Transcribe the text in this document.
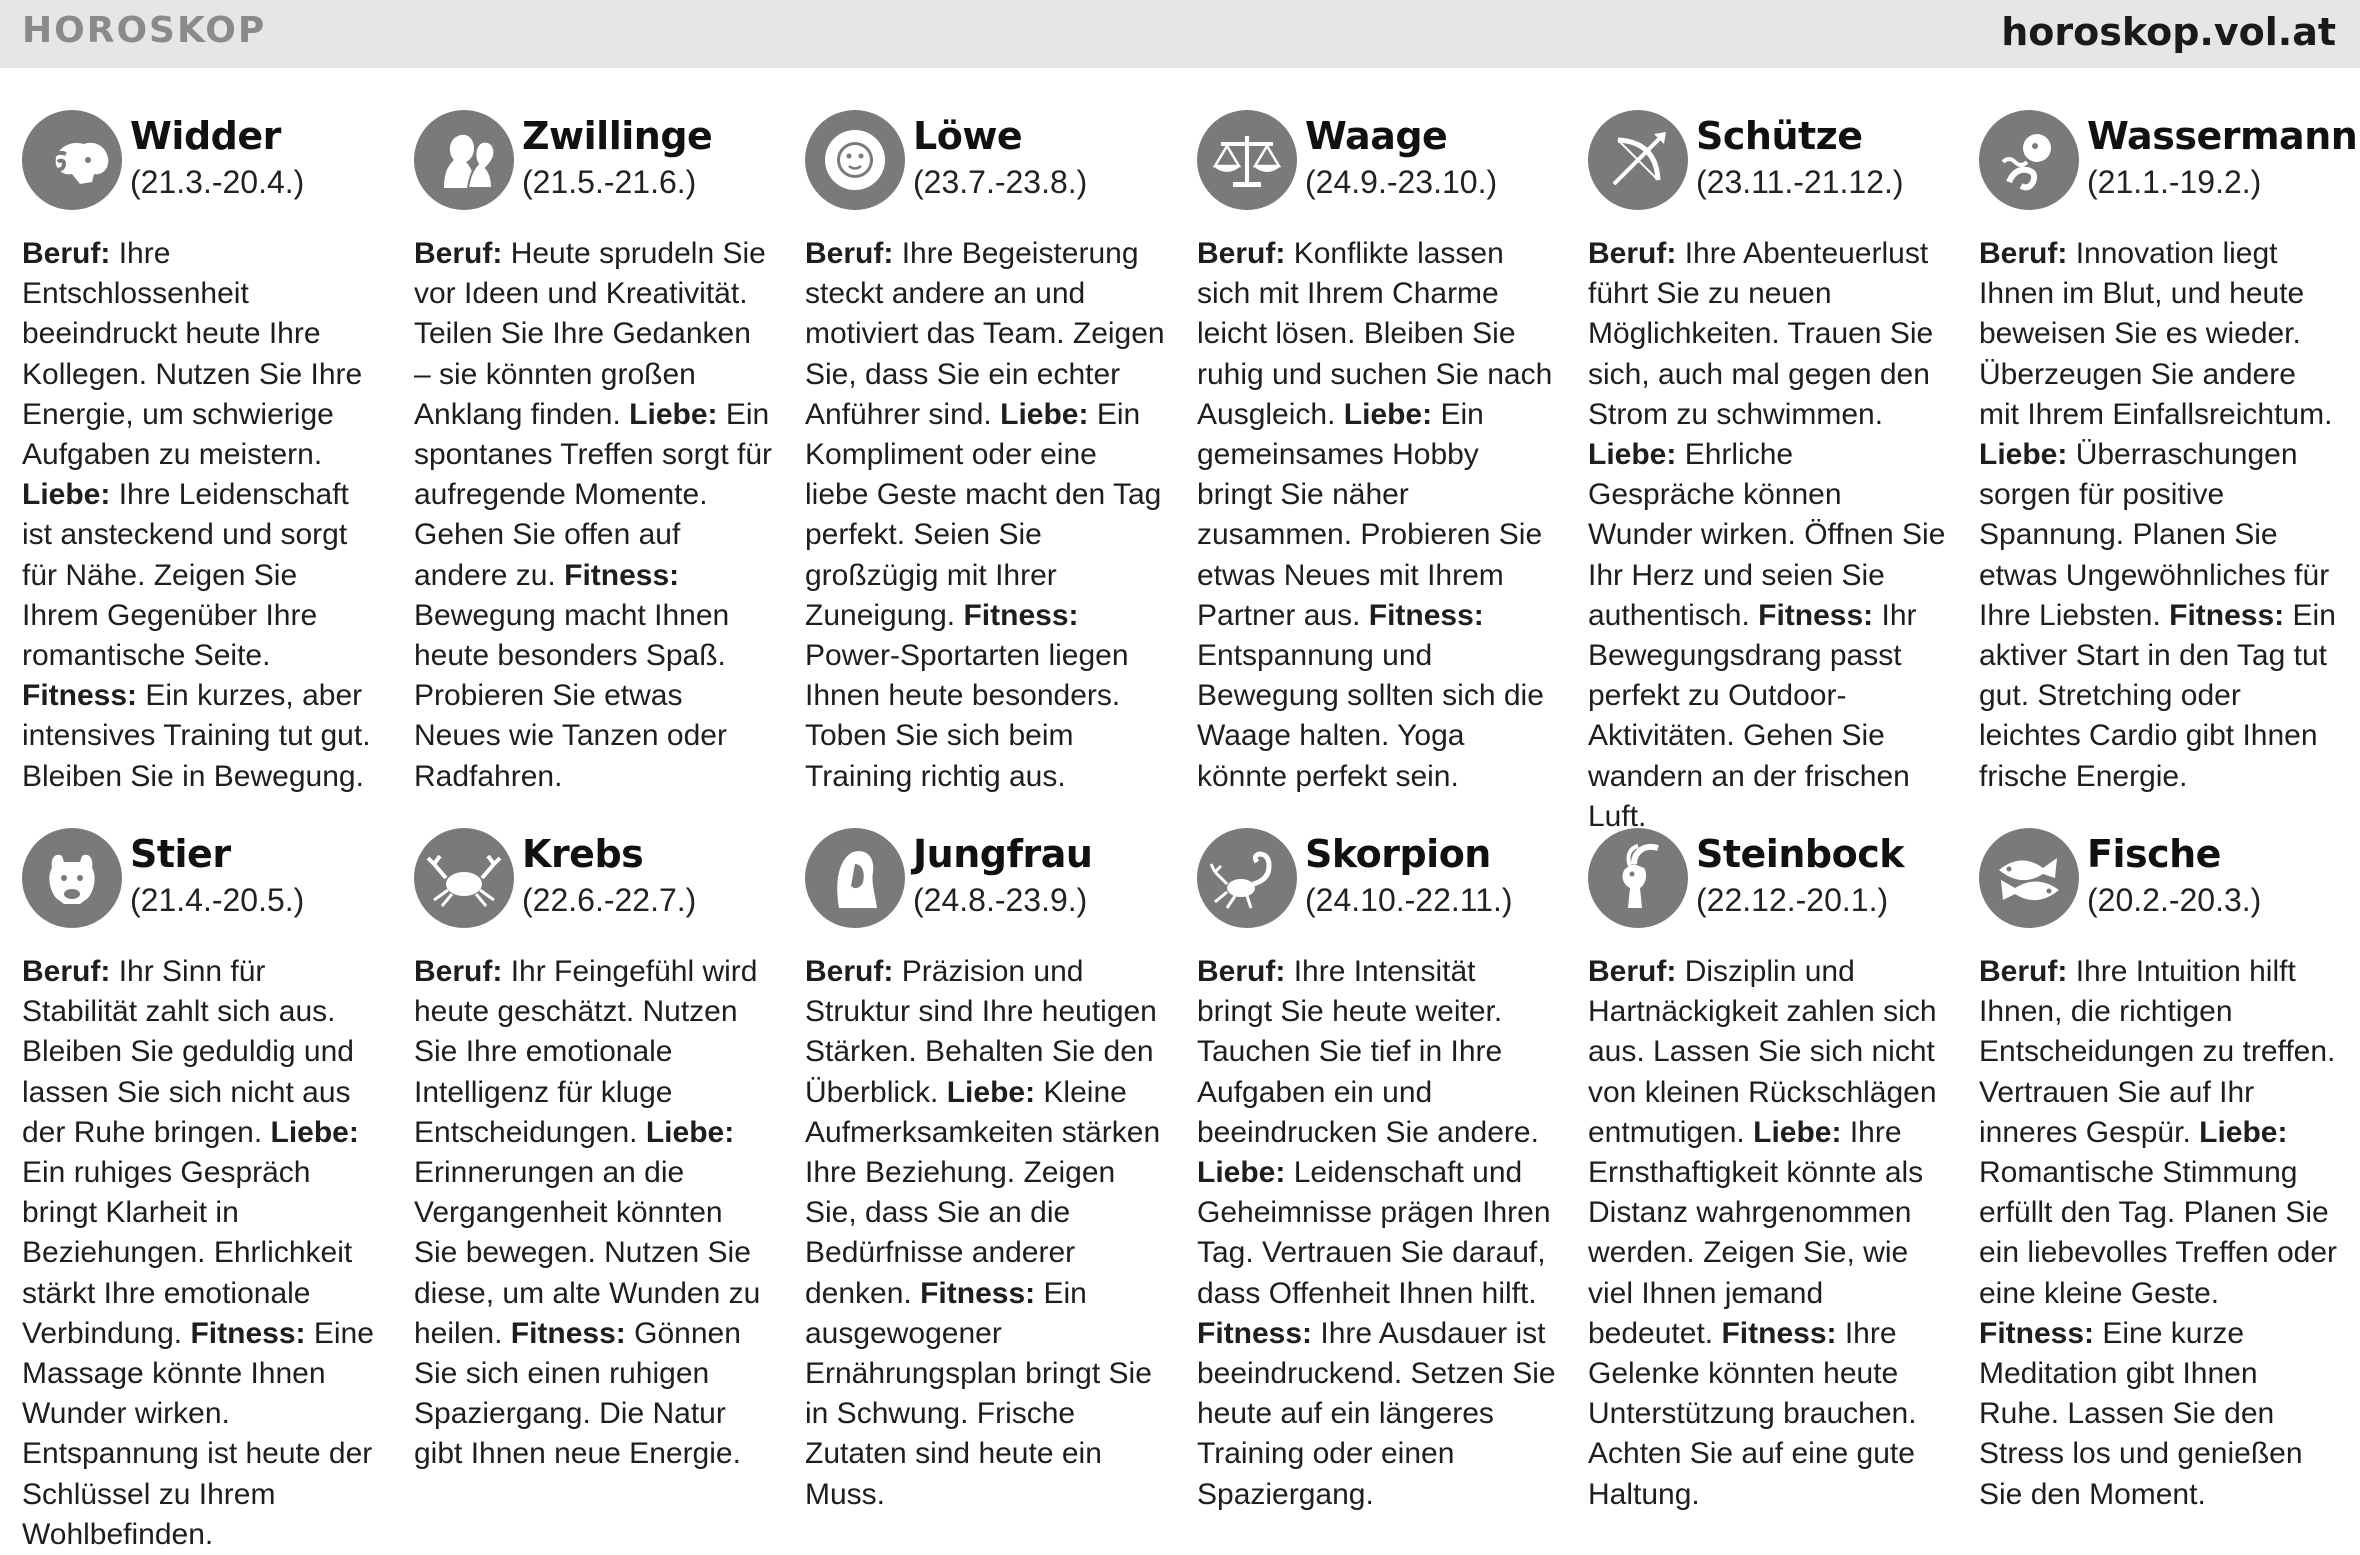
HOROSKOP	horoskop.vol.at
Widder
(21.3.-20.4.)

Beruf: Ihre Entschlossenheit beeindruckt heute Ihre Kollegen. Nutzen Sie Ihre Energie, um schwierige Aufgaben zu meistern. Liebe: Ihre Leidenschaft ist ansteckend und sorgt für Nähe. Zeigen Sie Ihrem Gegenüber Ihre romantische Seite. Fitness: Ein kurzes, aber intensives Training tut gut. Bleiben Sie in Bewegung.

Zwillinge
(21.5.-21.6.)

Beruf: Heute sprudeln Sie vor Ideen und Kreativität. Teilen Sie Ihre Gedanken – sie könnten großen Anklang finden. Liebe: Ein spontanes Treffen sorgt für aufregende Momente. Gehen Sie offen auf andere zu. Fitness: Bewegung macht Ihnen heute besonders Spaß. Probieren Sie etwas Neues wie Tanzen oder Radfahren.

Löwe
(23.7.-23.8.)

Beruf: Ihre Begeisterung steckt andere an und motiviert das Team. Zeigen Sie, dass Sie ein echter Anführer sind. Liebe: Ein Kompliment oder eine liebe Geste macht den Tag perfekt. Seien Sie großzügig mit Ihrer Zuneigung. Fitness: Power-Sportarten liegen Ihnen heute besonders. Toben Sie sich beim Training richtig aus.

Waage
(24.9.-23.10.)

Beruf: Konflikte lassen sich mit Ihrem Charme leicht lösen. Bleiben Sie ruhig und suchen Sie nach Ausgleich. Liebe: Ein gemeinsames Hobby bringt Sie näher zusammen. Probieren Sie etwas Neues mit Ihrem Partner aus. Fitness: Entspannung und Bewegung sollten sich die Waage halten. Yoga könnte perfekt sein.

Schütze
(23.11.-21.12.)

Beruf: Ihre Abenteuerlust führt Sie zu neuen Möglichkeiten. Trauen Sie sich, auch mal gegen den Strom zu schwimmen. Liebe: Ehrliche Gespräche können Wunder wirken. Öffnen Sie Ihr Herz und seien Sie authentisch. Fitness: Ihr Bewegungsdrang passt perfekt zu Outdoor-Aktivitäten. Gehen Sie wandern an der frischen Luft.

Wassermann
(21.1.-19.2.)

Beruf: Innovation liegt Ihnen im Blut, und heute beweisen Sie es wieder. Überzeugen Sie andere mit Ihrem Einfallsreichtum. Liebe: Überraschungen sorgen für positive Spannung. Planen Sie etwas Ungewöhnliches für Ihre Liebsten. Fitness: Ein aktiver Start in den Tag tut gut. Stretching oder leichtes Cardio gibt Ihnen frische Energie.

Stier
(21.4.-20.5.)

Beruf: Ihr Sinn für Stabilität zahlt sich aus. Bleiben Sie geduldig und lassen Sie sich nicht aus der Ruhe bringen. Liebe: Ein ruhiges Gespräch bringt Klarheit in Beziehungen. Ehrlichkeit stärkt Ihre emotionale Verbindung. Fitness: Eine Massage könnte Ihnen Wunder wirken. Entspannung ist heute der Schlüssel zu Ihrem Wohlbefinden.

Krebs
(22.6.-22.7.)

Beruf: Ihr Feingefühl wird heute geschätzt. Nutzen Sie Ihre emotionale Intelligenz für kluge Entscheidungen. Liebe: Erinnerungen an die Vergangenheit könnten Sie bewegen. Nutzen Sie diese, um alte Wunden zu heilen. Fitness: Gönnen Sie sich einen ruhigen Spaziergang. Die Natur gibt Ihnen neue Energie.

Jungfrau
(24.8.-23.9.)

Beruf: Präzision und Struktur sind Ihre heutigen Stärken. Behalten Sie den Überblick. Liebe: Kleine Aufmerksamkeiten stärken Ihre Beziehung. Zeigen Sie, dass Sie an die Bedürfnisse anderer denken. Fitness: Ein ausgewogener Ernährungsplan bringt Sie in Schwung. Frische Zutaten sind heute ein Muss.

Skorpion
(24.10.-22.11.)

Beruf: Ihre Intensität bringt Sie heute weiter. Tauchen Sie tief in Ihre Aufgaben ein und beeindrucken Sie andere. Liebe: Leidenschaft und Geheimnisse prägen Ihren Tag. Vertrauen Sie darauf, dass Offenheit Ihnen hilft. Fitness: Ihre Ausdauer ist beeindruckend. Setzen Sie heute auf ein längeres Training oder einen Spaziergang.

Steinbock
(22.12.-20.1.)

Beruf: Disziplin und Hartnäckigkeit zahlen sich aus. Lassen Sie sich nicht von kleinen Rückschlägen entmutigen. Liebe: Ihre Ernsthaftigkeit könnte als Distanz wahrgenommen werden. Zeigen Sie, wie viel Ihnen jemand bedeutet. Fitness: Ihre Gelenke könnten heute Unterstützung brauchen. Achten Sie auf eine gute Haltung.

Fische
(20.2.-20.3.)

Beruf: Ihre Intuition hilft Ihnen, die richtigen Entscheidungen zu treffen. Vertrauen Sie auf Ihr inneres Gespür. Liebe: Romantische Stimmung erfüllt den Tag. Planen Sie ein liebevolles Treffen oder eine kleine Geste. Fitness: Eine kurze Meditation gibt Ihnen Ruhe. Lassen Sie den Stress los und genießen Sie den Moment.
